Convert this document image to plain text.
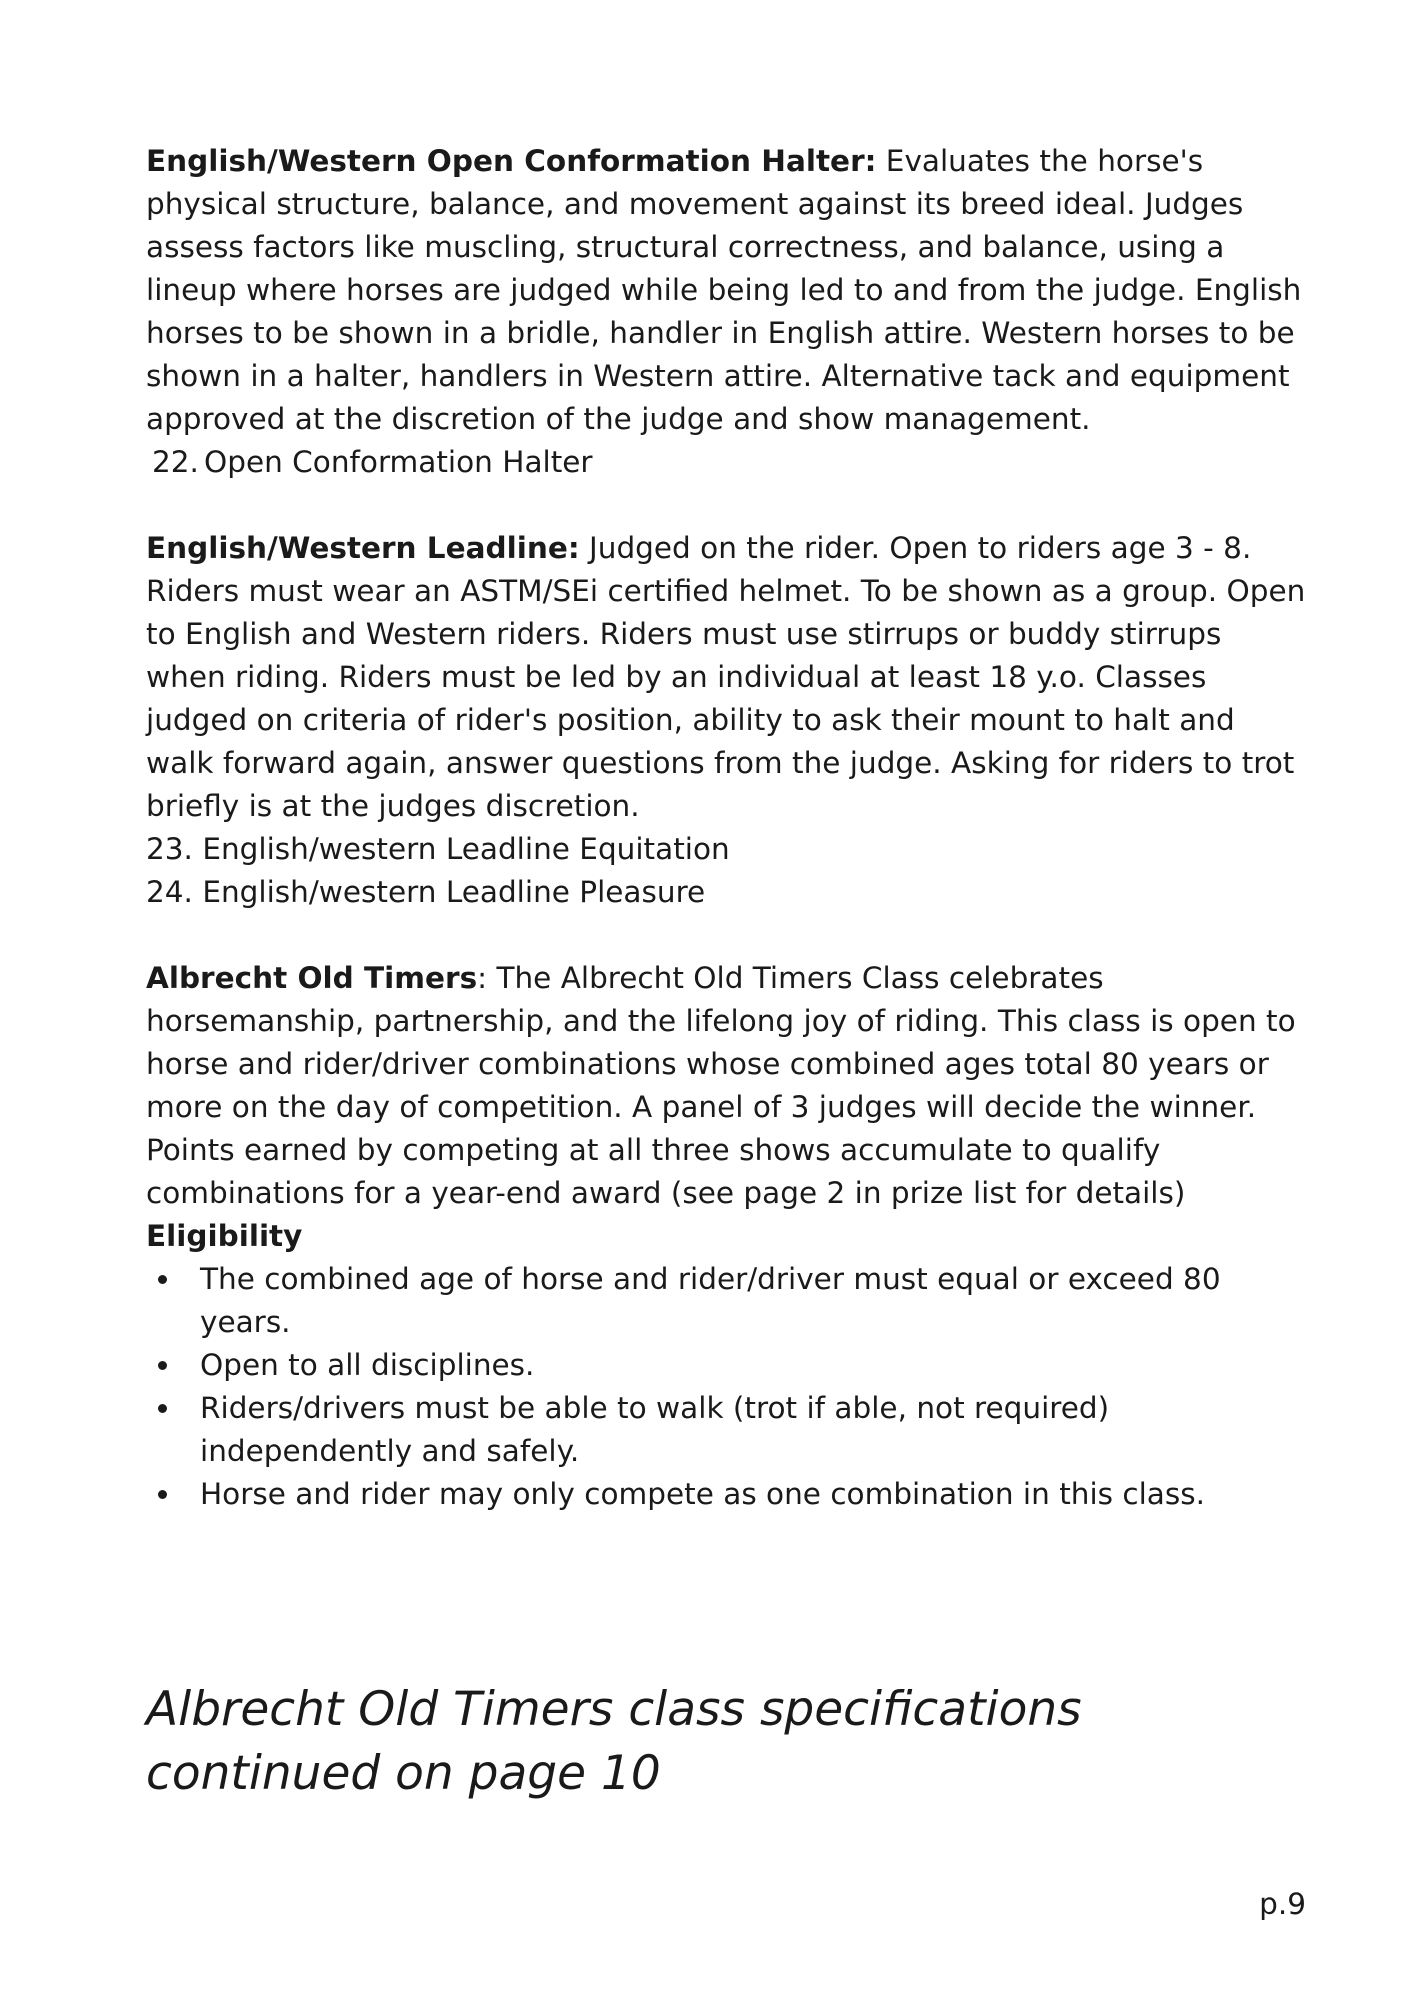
English/Western Open Conformation Halter: Evaluates the horse's physical structure, balance, and movement against its breed ideal. Judges assess factors like muscling, structural correctness, and balance, using a lineup where horses are judged while being led to and from the judge. English horses to be shown in a bridle, handler in English attire. Western horses to be shown in a halter, handlers in Western attire. Alternative tack and equipment approved at the discretion of the judge and show management.

22. Open Conformation Halter

English/Western Leadline: Judged on the rider. Open to riders age 3 - 8. Riders must wear an ASTM/SEi certified helmet. To be shown as a group. Open to English and Western riders. Riders must use stirrups or buddy stirrups when riding. Riders must be led by an individual at least 18 y.o. Classes judged on criteria of rider's position, ability to ask their mount to halt and walk forward again, answer questions from the judge. Asking for riders to trot briefly is at the judges discretion.

23. English/western Leadline Equitation
24. English/western Leadline Pleasure

Albrecht Old Timers: The Albrecht Old Timers Class celebrates horsemanship, partnership, and the lifelong joy of riding. This class is open to horse and rider/driver combinations whose combined ages total 80 years or more on the day of competition. A panel of 3 judges will decide the winner. Points earned by competing at all three shows accumulate to qualify combinations for a year-end award (see page 2 in prize list for details)

Eligibility

The combined age of horse and rider/driver must equal or exceed 80 years.
Open to all disciplines.
Riders/drivers must be able to walk (trot if able, not required) independently and safely.
Horse and rider may only compete as one combination in this class.
Albrecht Old Timers class specifications continued on page 10
p.9
